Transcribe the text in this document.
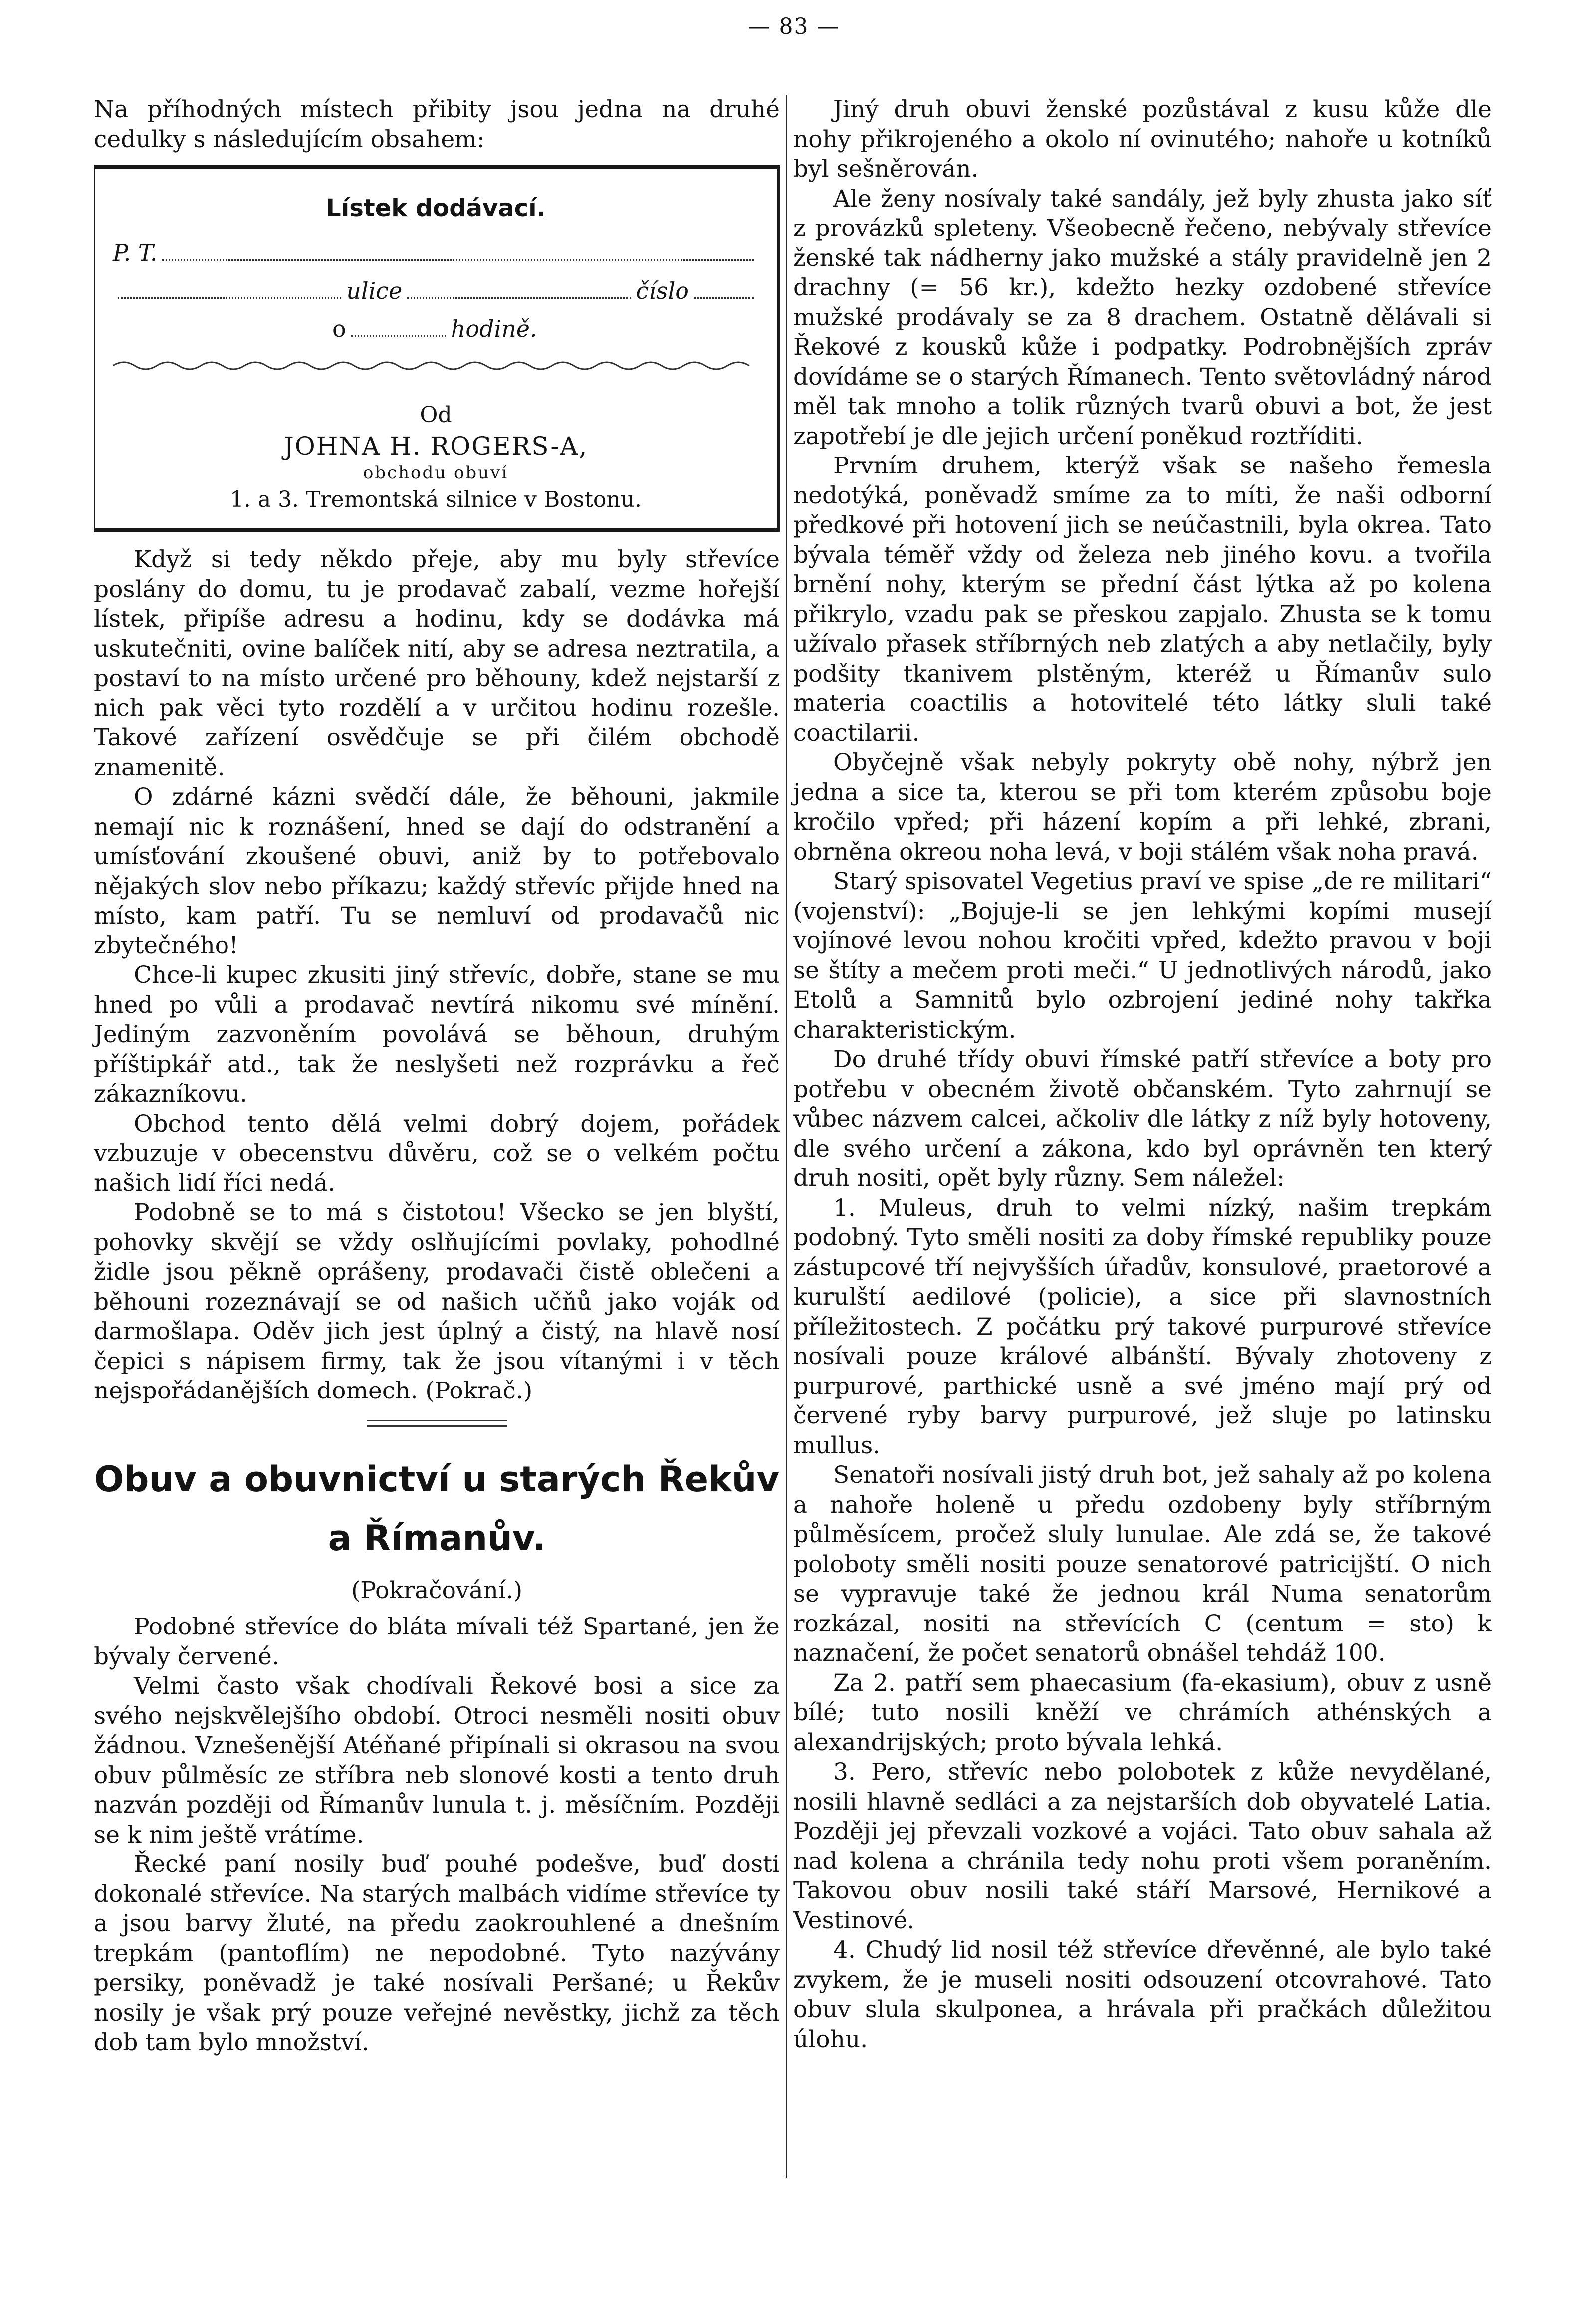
— 83 —

Na příhodných místech přibity jsou jedna na druhé cedulky s následujícím obsahem:

Lístek dodávací.
P. T.
ulice	číslo
o	hodině.
Od
JOHNA H. ROGERS-A,
obchodu obuví
1. a 3. Tremontská silnice v Bostonu.

Když si tedy někdo přeje, aby mu byly střevíce poslány do domu, tu je prodavač zabalí, vezme hořejší lístek, připíše adresu a hodinu, kdy se dodávka má uskutečniti, ovine balíček nití, aby se adresa neztratila, a postaví to na místo určené pro běhouny, kdež nejstarší z nich pak věci tyto rozdělí a v určitou hodinu rozešle. Takové zařízení osvědčuje se při čilém obchodě znamenitě.

O zdárné kázni svědčí dále, že běhouni, jakmile nemají nic k roznášení, hned se dají do odstranění a umísťování zkoušené obuvi, aniž by to potřebovalo nějakých slov nebo příkazu; každý střevíc přijde hned na místo, kam patří. Tu se nemluví od prodavačů nic zbytečného!

Chce-li kupec zkusiti jiný střevíc, dobře, stane se mu hned po vůli a prodavač nevtírá nikomu své mínění. Jediným zazvoněním povolává se běhoun, druhým příštipkář atd., tak že neslyšeti než rozprávku a řeč zákazníkovu.

Obchod tento dělá velmi dobrý dojem, pořádek vzbuzuje v obecenstvu důvěru, což se o velkém počtu našich lidí říci nedá.

Podobně se to má s čistotou! Všecko se jen blyští, pohovky skvějí se vždy oslňujícími povlaky, pohodlné židle jsou pěkně oprášeny, prodavači čistě oblečeni a běhouni rozeznávají se od našich učňů jako voják od darmošlapa. Oděv jich jest úplný a čistý, na hlavě nosí čepici s nápisem firmy, tak že jsou vítanými i v těch nejspořádanějších domech. (Pokrač.)

Obuv a obuvnictví u starých Řekův
a Římanův.
(Pokračování.)

Podobné střevíce do bláta mívali též Spartané, jen že bývaly červené.

Velmi často však chodívali Řekové bosi a sice za svého nejskvělejšího období. Otroci nesměli nositi obuv žádnou. Vznešenější Atéňané připínali si okrasou na svou obuv půlměsíc ze stříbra neb slonové kosti a tento druh nazván později od Římanův lunula t. j. měsíčním. Později se k nim ještě vrátíme.

Řecké paní nosily buď pouhé podešve, buď dosti dokonalé střevíce. Na starých malbách vidíme střevíce ty a jsou barvy žluté, na předu zaokrouhlené a dnešním trepkám (pantoflím) ne nepodobné. Tyto nazývány persiky, poněvadž je také nosívali Peršané; u Řekův nosily je však prý pouze veřejné nevěstky, jichž za těch dob tam bylo množství.

Jiný druh obuvi ženské pozůstával z kusu kůže dle nohy přikrojeného a okolo ní ovinutého; nahoře u kotníků byl sešněrován.

Ale ženy nosívaly také sandály, jež byly zhusta jako síť z provázků spleteny. Všeobecně řečeno, nebývaly střevíce ženské tak nádherny jako mužské a stály pravidelně jen 2 drachny (= 56 kr.), kdežto hezky ozdobené střevíce mužské prodávaly se za 8 drachem. Ostatně dělávali si Řekové z kousků kůže i podpatky. Podrobnějších zpráv dovídáme se o starých Římanech. Tento světovládný národ měl tak mnoho a tolik různých tvarů obuvi a bot, že jest zapotřebí je dle jejich určení poněkud roztříditi.

Prvním druhem, kterýž však se našeho řemesla nedotýká, poněvadž smíme za to míti, že naši odborní předkové při hotovení jich se neúčastnili, byla okrea. Tato bývala téměř vždy od železa neb jiného kovu. a tvořila brnění nohy, kterým se přední část lýtka až po kolena přikrylo, vzadu pak se přeskou zapjalo. Zhusta se k tomu užívalo přasek stříbrných neb zlatých a aby netlačily, byly podšity tkanivem plstěným, kteréž u Římanův sulo materia coactilis a hotovitelé této látky sluli také coactilarii.

Obyčejně však nebyly pokryty obě nohy, nýbrž jen jedna a sice ta, kterou se při tom kterém způsobu boje kročilo vpřed; při házení kopím a při lehké, zbrani, obrněna okreou noha levá, v boji stálém však noha pravá.

Starý spisovatel Vegetius praví ve spise „de re militari“ (vojenství): „Bojuje-li se jen lehkými kopími musejí vojínové levou nohou kročiti vpřed, kdežto pravou v boji se štíty a mečem proti meči.“ U jednotlivých národů, jako Etolů a Samnitů bylo ozbrojení jediné nohy takřka charakteristickým.

Do druhé třídy obuvi římské patří střevíce a boty pro potřebu v obecném životě občanském. Tyto zahrnují se vůbec názvem calcei, ačkoliv dle látky z níž byly hotoveny, dle svého určení a zákona, kdo byl oprávněn ten který druh nositi, opět byly různy. Sem náležel:

1. Muleus, druh to velmi nízký, našim trepkám podobný. Tyto směli nositi za doby římské republiky pouze zástupcové tří nejvyšších úřadův, konsulové, praetorové a kurulští aedilové (policie), a sice při slavnostních příležitostech. Z počátku prý takové purpurové střevíce nosívali pouze králové albánští. Bývaly zhotoveny z purpurové, parthické usně a své jméno mají prý od červené ryby barvy purpurové, jež sluje po latinsku mullus.

Senatoři nosívali jistý druh bot, jež sahaly až po kolena a nahoře holeně u předu ozdobeny byly stříbrným půlměsícem, pročež sluly lunulae. Ale zdá se, že takové poloboty směli nositi pouze senatorové patricijští. O nich se vypravuje také že jednou král Numa senatorům rozkázal, nositi na střevících C (centum = sto) k naznačení, že počet senatorů obnášel tehdáž 100.

Za 2. patří sem phaecasium (fa-ekasium), obuv z usně bílé; tuto nosili kněží ve chrámích athénských a alexandrijských; proto bývala lehká.

3. Pero, střevíc nebo polobotek z kůže nevydělané, nosili hlavně sedláci a za nejstarších dob obyvatelé Latia. Později jej převzali vozkové a vojáci. Tato obuv sahala až nad kolena a chránila tedy nohu proti všem poraněním. Takovou obuv nosili také stáří Marsové, Hernikové a Vestinové.

4. Chudý lid nosil též střevíce dřevěnné, ale bylo také zvykem, že je museli nositi odsouzení otcovrahové. Tato obuv slula skulponea, a hrávala při pračkách důležitou úlohu.
